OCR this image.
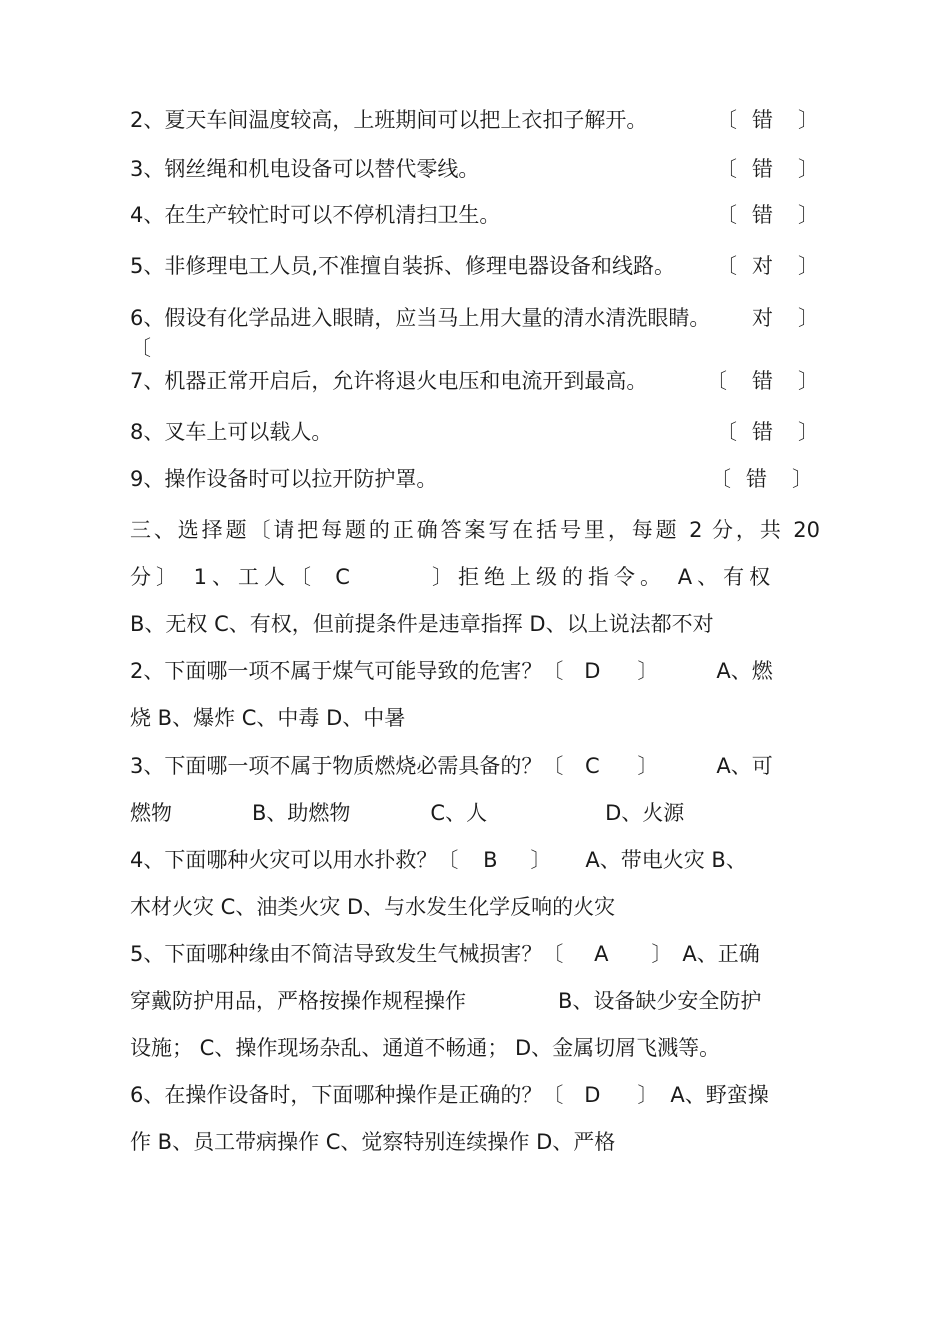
2、夏天车间温度较高，上班期间可以把上衣扣子解开。	〔 错 〕
3、钢丝绳和机电设备可以替代零线。	〔 错 〕
4、在生产较忙时可以不停机清扫卫生。	〔 错 〕
5、非修理电工人员,不准擅自装拆、修理电器设备和线路。 〔 对 〕
6、假设有化学品进入眼睛，应当马上用大量的清水清洗眼睛。 对 〕
〔
7、机器正常开启后，允许将退火电压和电流开到最高。	〔 错 〕
8、叉车上可以载人。	〔 错 〕
9、操作设备时可以拉开防护罩。	〔 错 〕
三、选择题〔请把每题的正确答案写在括号里，每题 2 分，共 20
分〕 1、工人〔 C	〕拒绝上级的指令。 A、有权
B、无权 C、有权，但前提条件是违章指挥 D、以上说法都不对
2、下面哪一项不属于煤气可能导致的危害？〔 D 〕	A、燃
烧 B、爆炸 C、中毒 D、中暑
3、下面哪一项不属于物质燃烧必需具备的？〔 C 〕	A、可
燃物	B、助燃物	C、人	D、火源
4、下面哪种火灾可以用水扑救？〔 B 〕 A、带电火灾 B、
木材火灾 C、油类火灾 D、与水发生化学反响的火灾
5、下面哪种缘由不简洁导致发生气械损害？〔 A 〕 A、正确
穿戴防护用品，严格按操作规程操作	B、设备缺少安全防护
设施； C、操作现场杂乱、通道不畅通； D、金属切屑飞溅等。
6、在操作设备时，下面哪种操作是正确的？〔 D 〕 A、野蛮操
作 B、员工带病操作 C、觉察特别连续操作 D、严格
